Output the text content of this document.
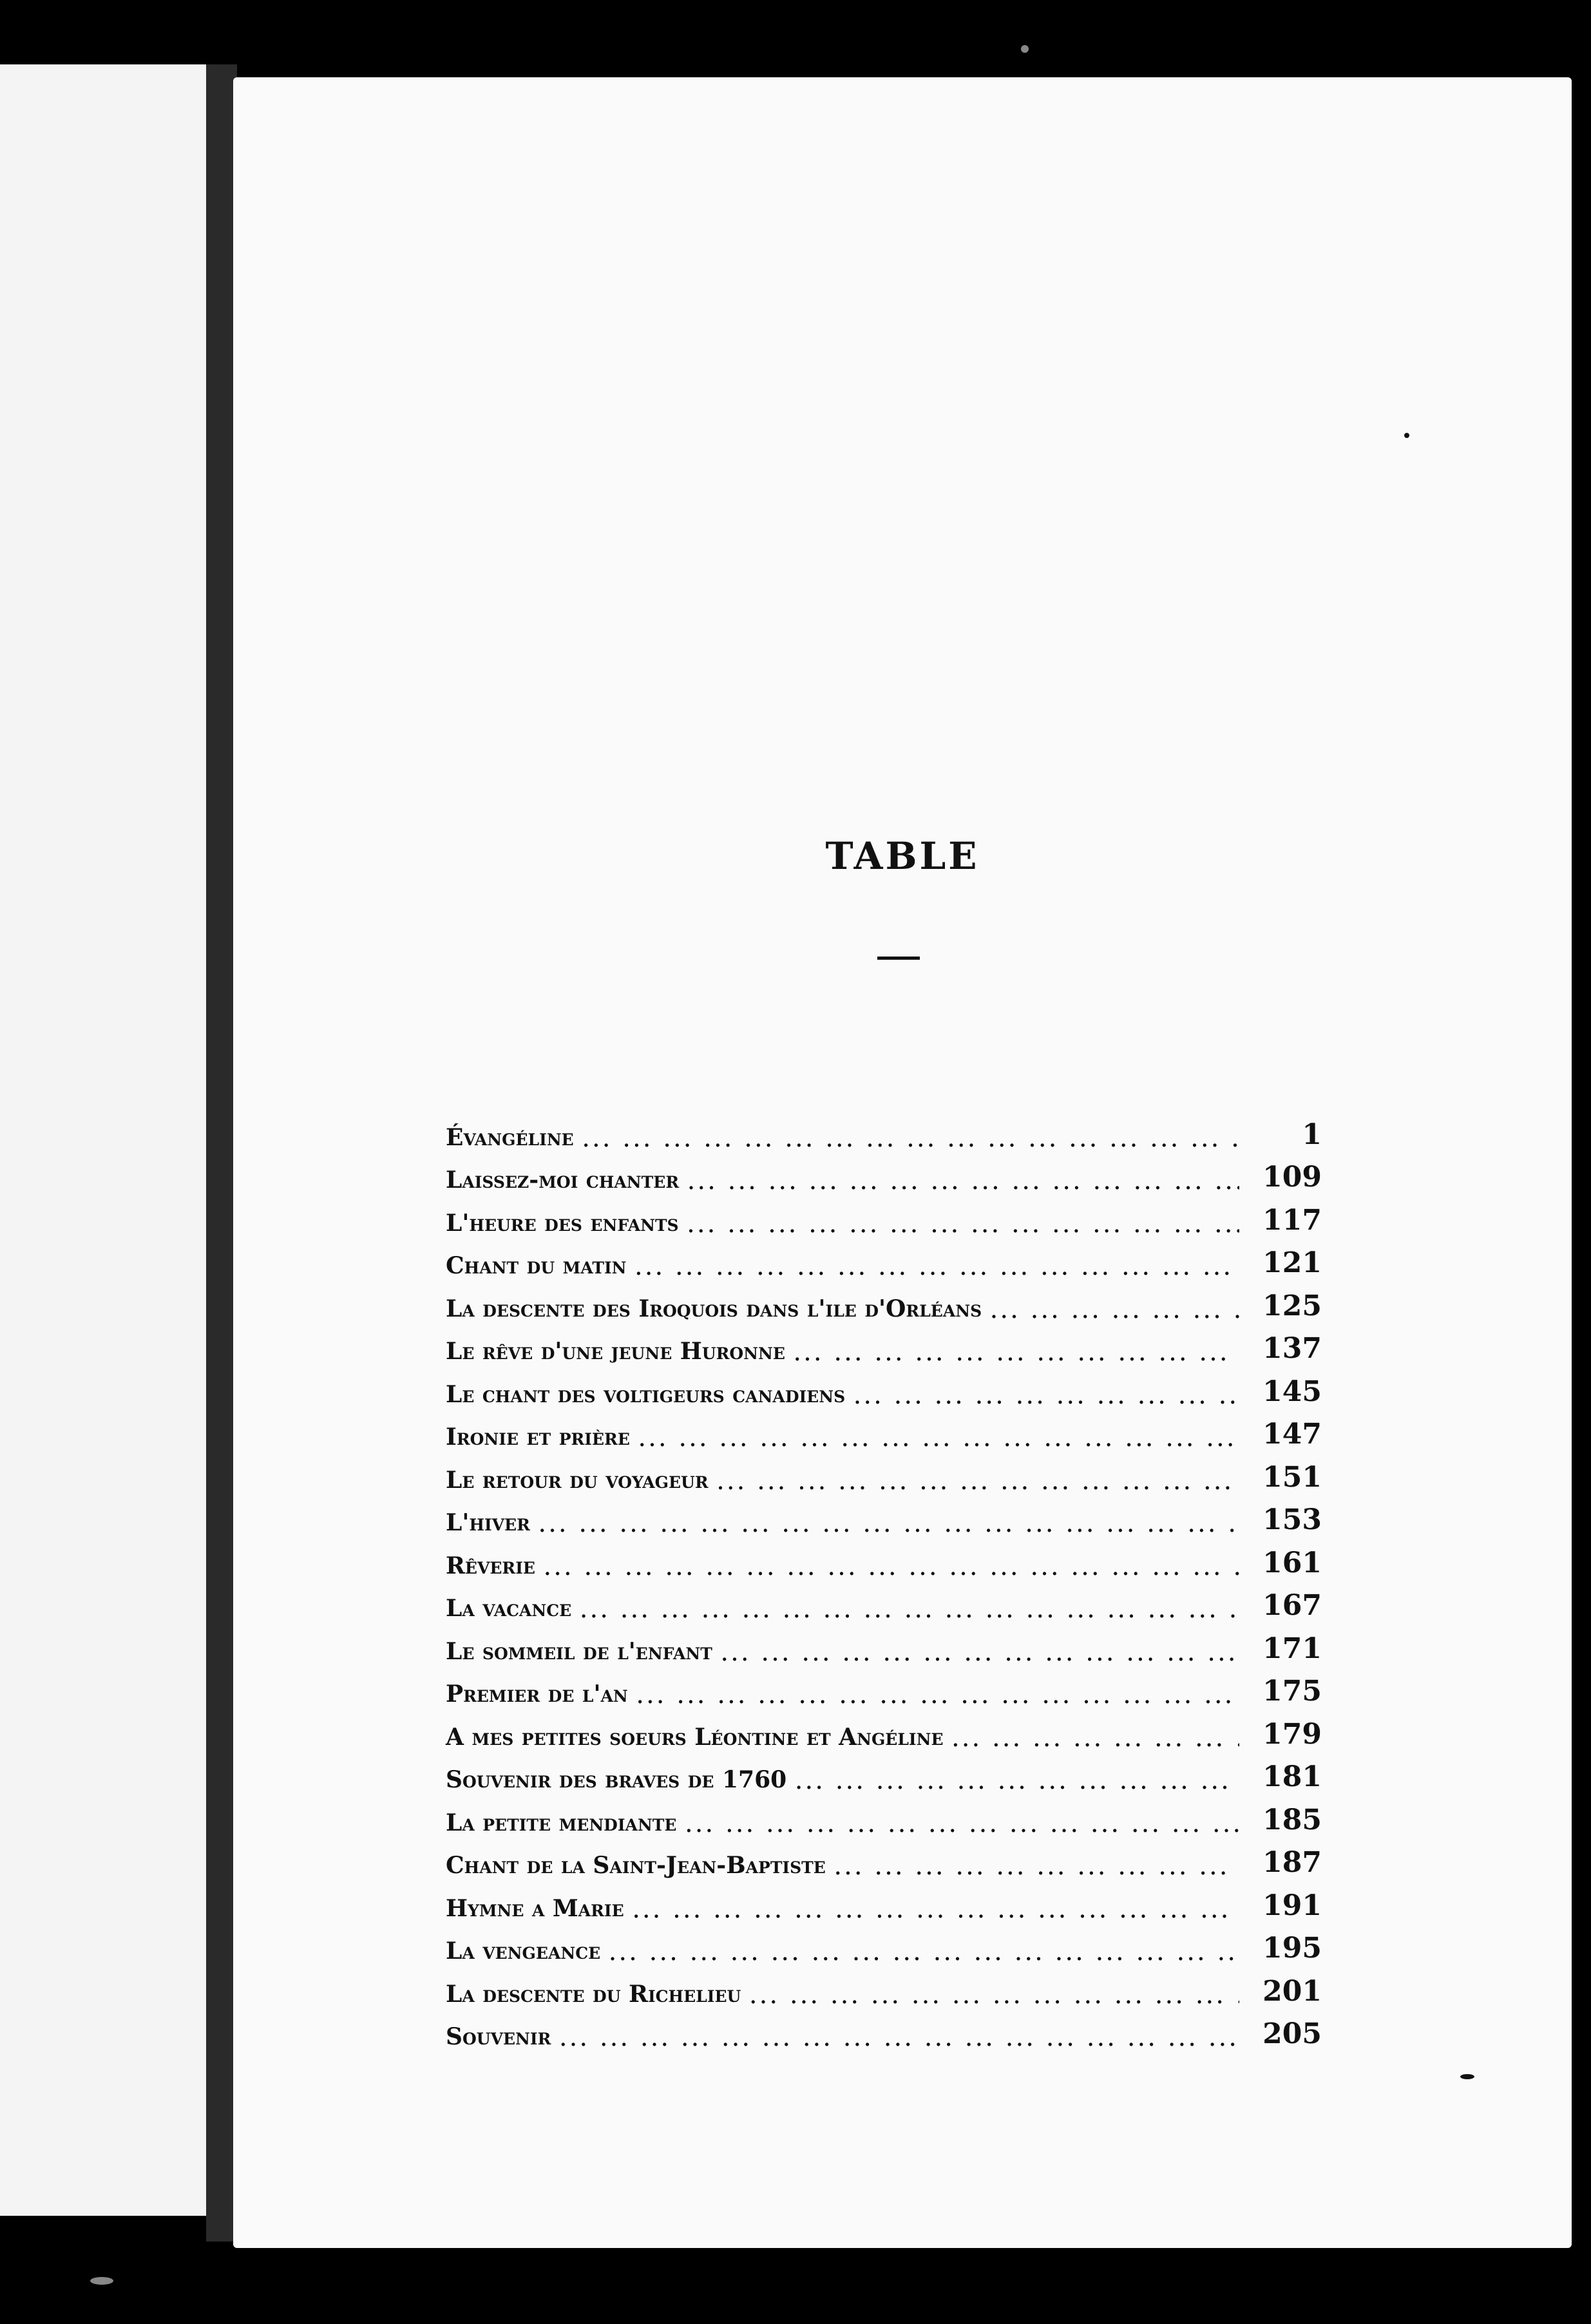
TABLE
Évangéline ... .	1
Laissez-moi chanter ... .	109
L'heure des enfants ... .	117
Chant du matin ... .	121
La descente des Iroquois dans l'ile d'Orléans ... .	125
Le rêve d'une jeune Huronne ... .	137
Le chant des voltigeurs canadiens ... .	145
Ironie et prière ... .	147
Le retour du voyageur ... .	151
L'hiver ... .	153
Rêverie ... .	161
La vacance ... .	167
Le sommeil de l'enfant ... .	171
Premier de l'an ... .	175
A mes petites soeurs Léontine et Angéline ... .	179
Souvenir des braves de 1760 ... .	181
La petite mendiante ... .	185
Chant de la Saint-Jean-Baptiste ... .	187
Hymne a Marie ... .	191
La vengeance ... .	195
La descente du Richelieu ... .	201
Souvenir ... .	205
